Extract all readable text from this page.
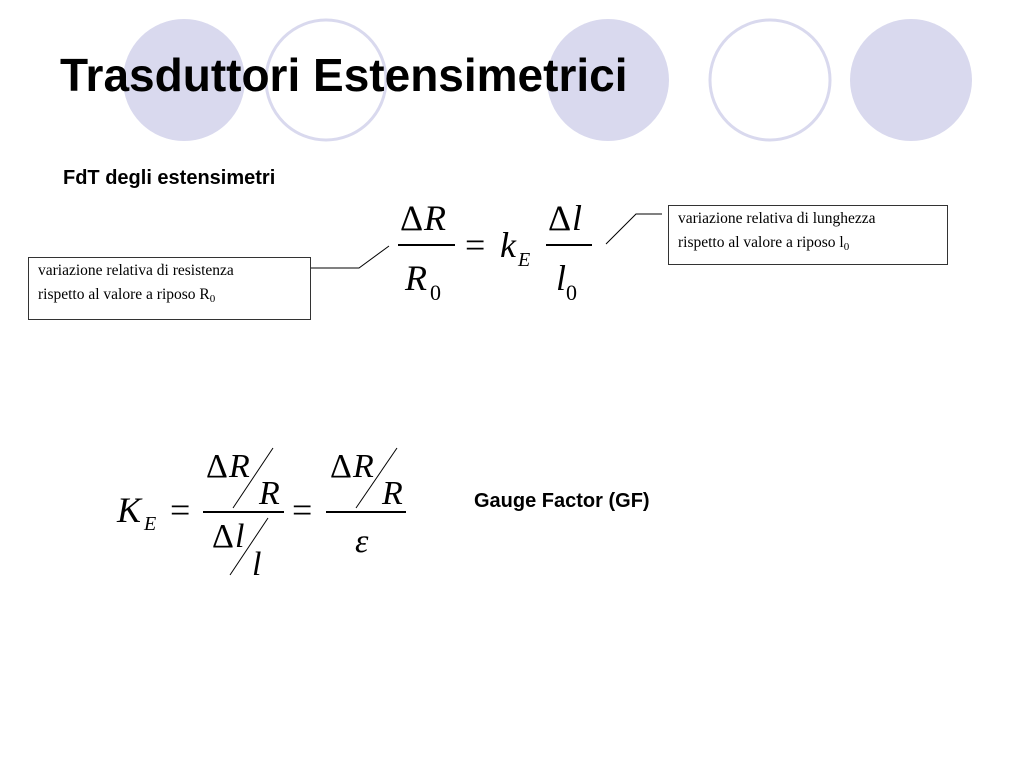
Trasduttori Estensimetrici
FdT degli estensimetri
variazione relativa di resistenza
rispetto al valore a riposo $R_0$
variazione relativa di lunghezza
rispetto al valore a riposo $l_0$
Δ R
R 0
= k E
Δ l
l 0
K E =
Δ R
R
Δ l
l
=
Δ R
R
ε
Gauge Factor (GF)
